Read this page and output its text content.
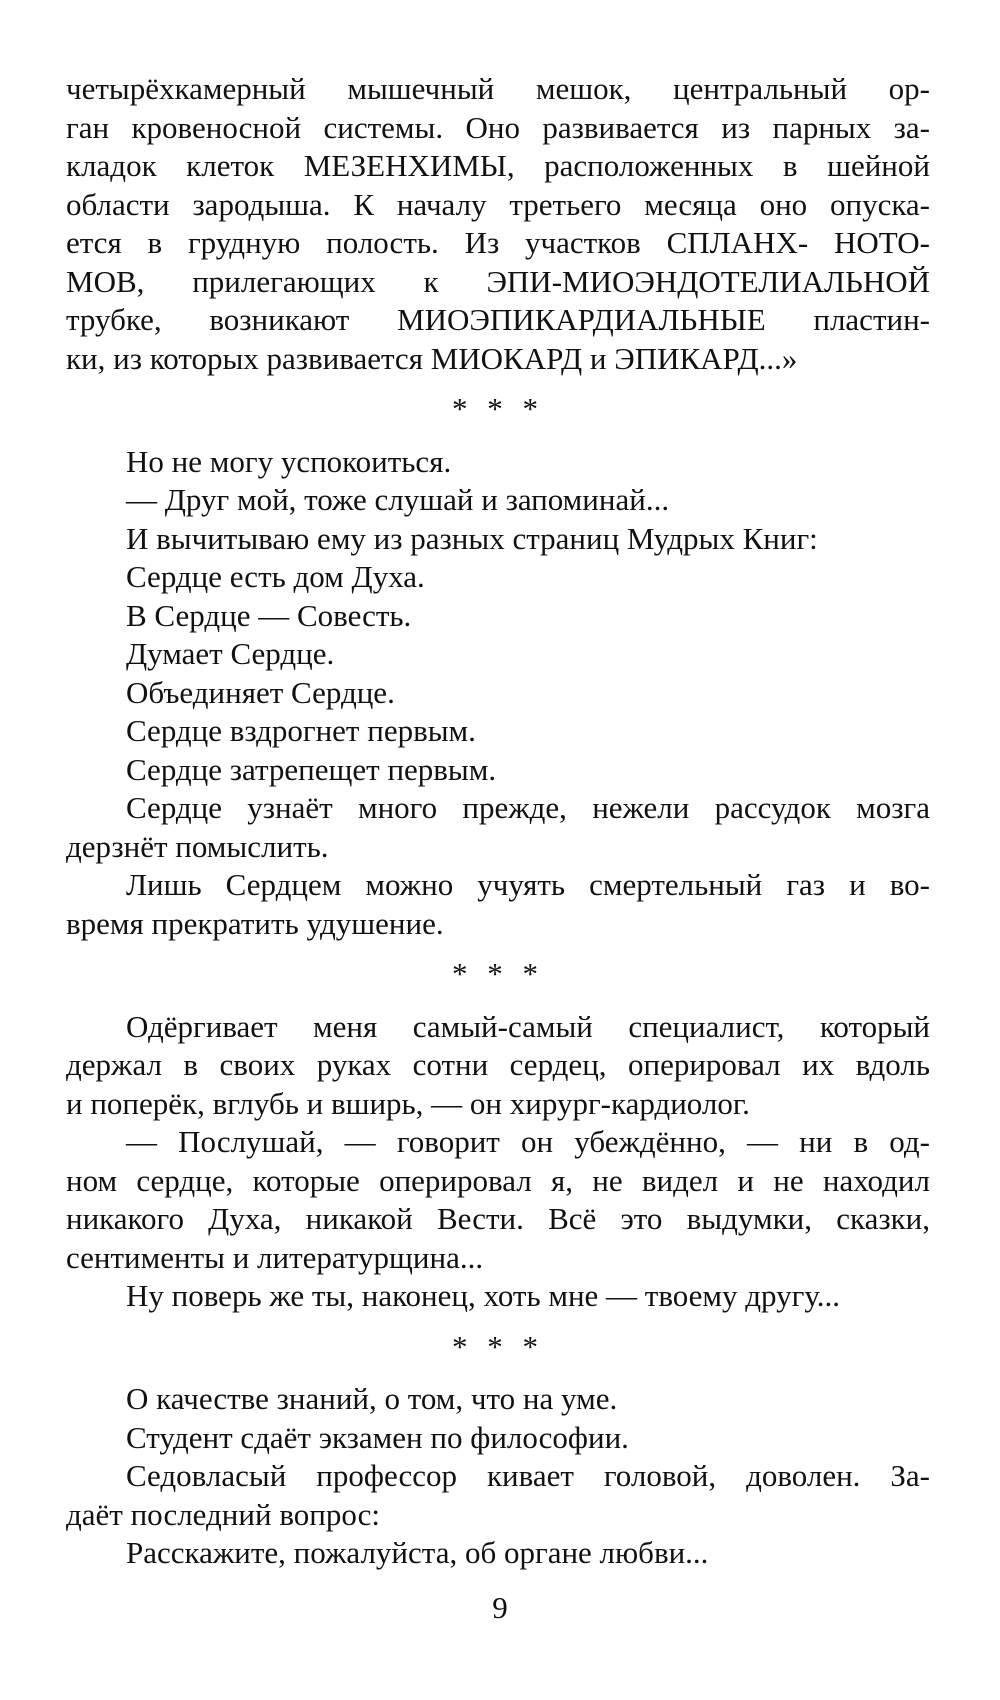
четырёхкамерный мышечный мешок, центральный ор-
ган кровеносной системы. Оно развивается из парных за-
кладок клеток МЕЗЕНХИМЫ, расположенных в шейной
области зародыша. К началу третьего месяца оно опуска-
ется в грудную полость. Из участков СПЛАНХ- НОТО-
МОВ, прилегающих к ЭПИ-МИОЭНДОТЕЛИАЛЬНОЙ
трубке, возникают МИОЭПИКАРДИАЛЬНЫЕ пластин-
ки, из которых развивается МИОКАРД и ЭПИКАРД...»
* * *
Но не могу успокоиться.
— Друг мой, тоже слушай и запоминай...
И вычитываю ему из разных страниц Мудрых Книг:
Сердце есть дом Духа.
В Сердце — Совесть.
Думает Сердце.
Объединяет Сердце.
Сердце вздрогнет первым.
Сердце затрепещет первым.
Сердце узнаёт много прежде, нежели рассудок мозга
дерзнёт помыслить.
Лишь Сердцем можно учуять смертельный газ и во-
время прекратить удушение.
* * *
Одёргивает меня самый-самый специалист, который
держал в своих руках сотни сердец, оперировал их вдоль
и поперёк, вглубь и вширь, — он хирург-кардиолог.
— Послушай, — говорит он убеждённо, — ни в од-
ном сердце, которые оперировал я, не видел и не находил
никакого Духа, никакой Вести. Всё это выдумки, сказки,
сентименты и литературщина...
Ну поверь же ты, наконец, хоть мне — твоему другу...
* * *
О качестве знаний, о том, что на уме.
Студент сдаёт экзамен по философии.
Седовласый профессор кивает головой, доволен. За-
даёт последний вопрос:
Расскажите, пожалуйста, об органе любви...
9
